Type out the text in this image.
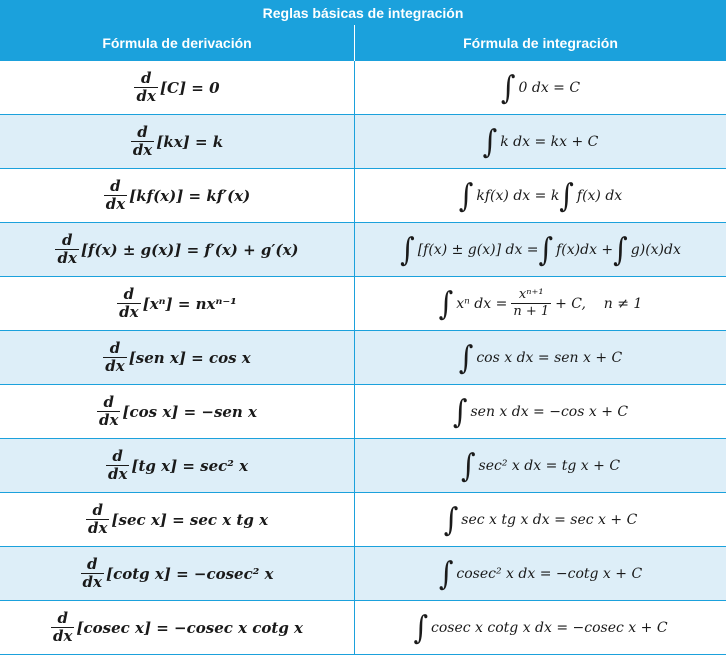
Reglas básicas de integración
Fórmula de derivación	Fórmula de integración
$\frac{d}{dx} [C] = 0$	∫ 0 dx = C
$\frac{d}{dx} [kx] = k$	∫ k dx = kx + C
$\frac{d}{dx} [kf(x)] = kf'(x)$	∫ kf(x) dx = k ∫ f(x) dx
$\frac{d}{dx} [f(x) \pm g(x)] = f'(x) + g'(x)$	∫ [f(x) ± g(x)] dx = ∫ f(x)dx + ∫ g)(x)dx
$\frac{d}{dx} [x^n] = nx^{n-1}$	∫ xⁿ dx = $\frac{\text{xⁿ⁺¹}}{n + 1} + C$,    n ≠ 1
$\frac{d}{dx} [sen$ x] = cos x	∫ cos x dx = sen x + C
$\frac{d}{dx} [\cos$ x] = −sen x	∫ sen x dx = −cos x + C
$\frac{d}{dx} [tg$ x] = sec² x	∫ sec² x dx = tg x + C
$\frac{d}{dx} [\sec$ x] = sec x tg x	∫ sec x tg x dx = sec x + C
$\frac{d}{dx} [\cot g$ x] = −cosec² x	∫ cosec² x dx = −cotg x + C
$\frac{d}{dx} [cosec$ x] = −cosec x cotg x	∫ cosec x cotg x dx = −cosec x + C
